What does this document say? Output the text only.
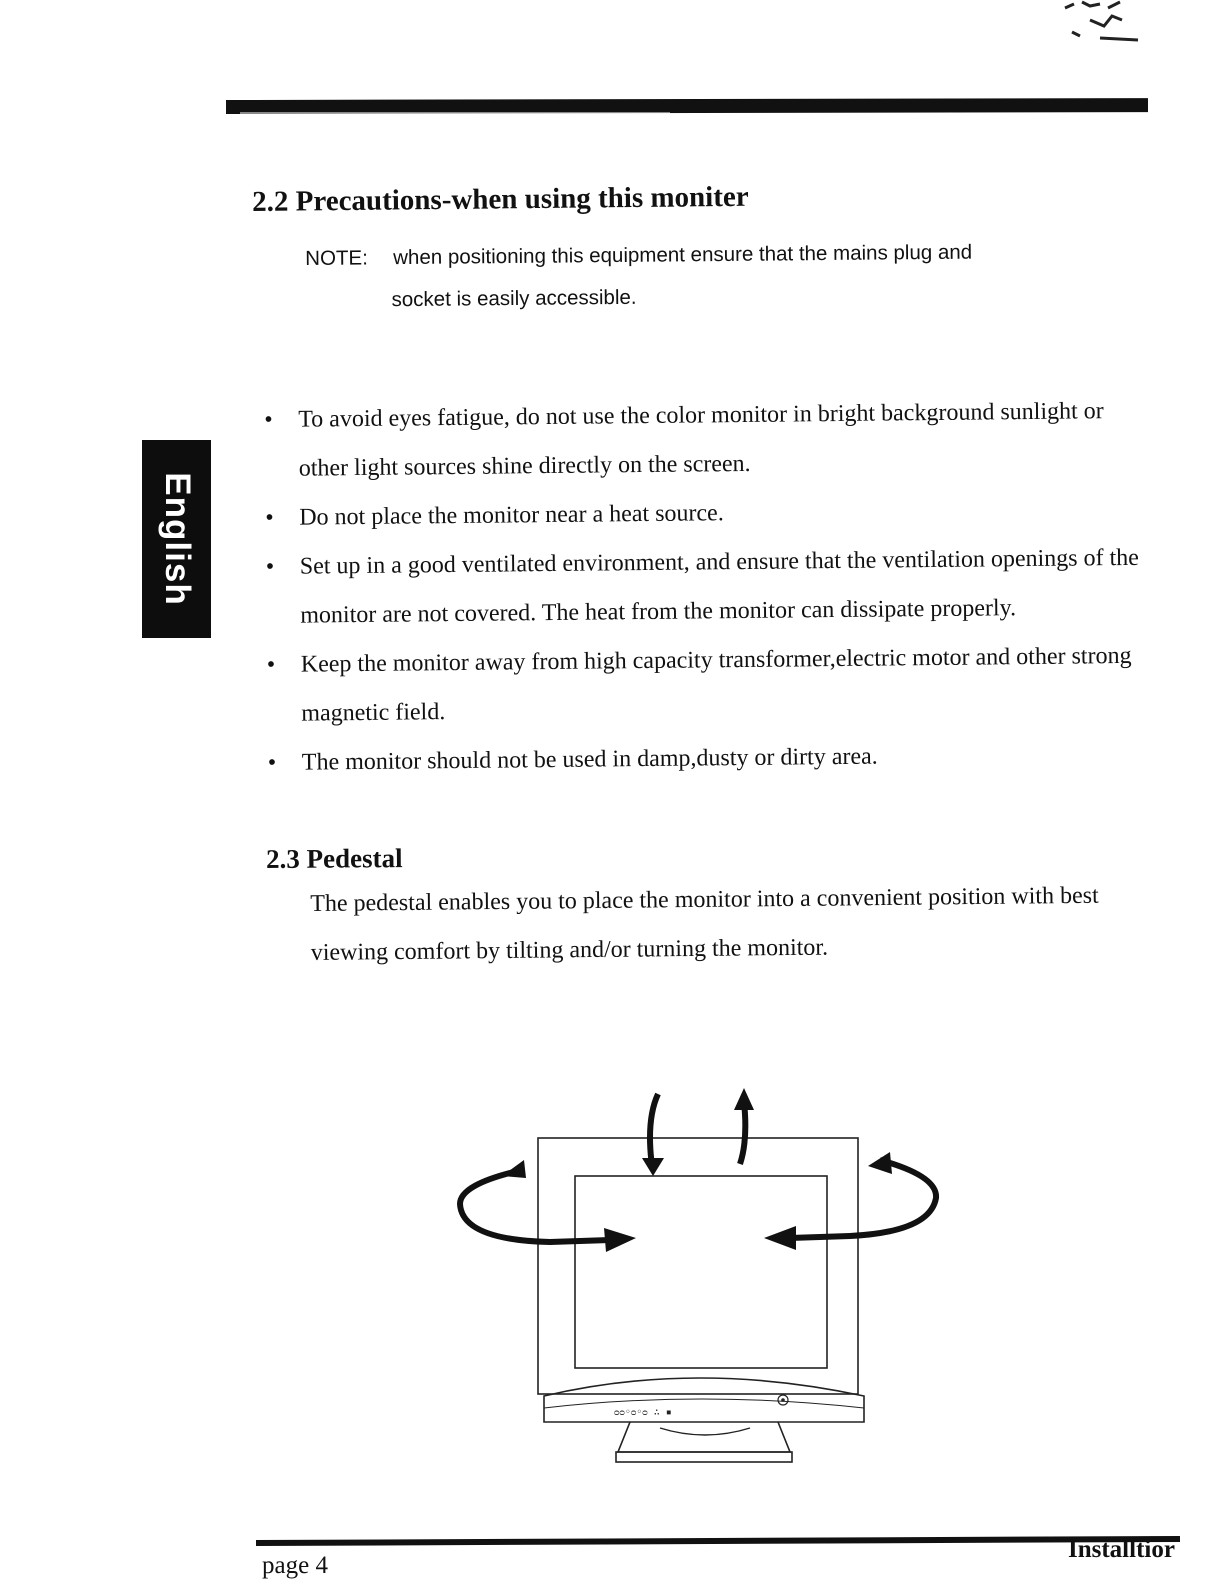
English
2.2 Precautions-when using this moniter
NOTE: when positioning this equipment ensure that the mains plug and
socket is easily accessible.
• To avoid eyes fatigue, do not use the color monitor in bright background sunlight or other light sources shine directly on the screen.
• Do not place the monitor near a heat source.
• Set up in a good ventilated environment, and ensure that the ventilation openings of the monitor are not covered. The heat from the monitor can dissipate properly.
• Keep the monitor away from high capacity transformer,electric motor and other strong magnetic field.
• The monitor should not be used in damp,dusty or dirty area.
2.3 Pedestal
The pedestal enables you to place the monitor into a convenient position with best viewing comfort by tilting and/or turning the monitor.
ᴑᴑ◦ᴑ◦ᴑ ∴ ▪
page 4
Installtior
